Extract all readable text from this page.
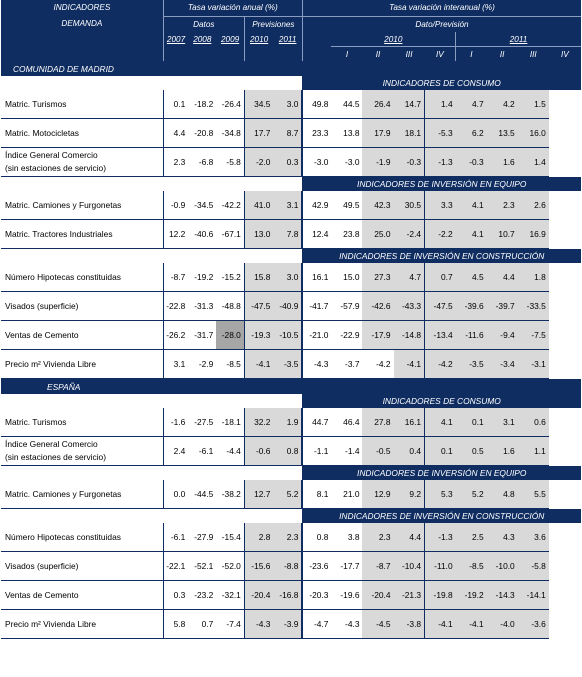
INDICADORES
DEMANDA	Tasa variación anual (%)					Tasa variación interanual (%)								
	Datos			Previsiones		Dato/Previsión								
	2007	2008	2009	2010	2011		2010				2011			
							I	II	III	IV	I	II	III	IV
COMUNIDAD DE MADRID														
						INDICADORES DE CONSUMO								

Matric. Turismos	0.1	-18.2	-26.4	34.5	3.0	49.8	44.5	26.4	14.7	1.4	4.7	4.2	1.5	

Matric. Motocicletas	4.4	-20.8	-34.8	17.7	8.7	23.3	13.8	17.9	18.1	-5.3	6.2	13.5	16.0	

Índice General Comercio
(sin estaciones de servicio)	2.3	-6.8	-5.8	-2.0	0.3	-3.0	-3.0	-1.9	-0.3	-1.3	-0.3	1.6	1.4	
						INDICADORES DE INVERSIÓN EN EQUIPO								

Matric. Camiones y Furgonetas	-0.9	-34.5	-42.2	41.0	3.1	42.9	49.5	42.3	30.5	3.3	4.1	2.3	2.6	

Matric. Tractores Industriales	12.2	-40.6	-67.1	13.0	7.8	12.4	23.8	25.0	-2.4	-2.2	4.1	10.7	16.9	
						INDICADORES DE INVERSIÓN EN CONSTRUCCIÓN								

Número Hipotecas constituidas	-8.7	-19.2	-15.2	15.8	3.0	16.1	15.0	27.3	4.7	0.7	4.5	4.4	1.8	

Visados (superficie)	-22.8	-31.3	-48.8	-47.5	-40.9	-41.7	-57.9	-42.6	-43.3	-47.5	-39.6	-39.7	-33.5	

Ventas de Cemento	-26.2	-31.7	-28.0	-19.3	-10.5	-21.0	-22.9	-17.9	-14.8	-13.4	-11.6	-9.4	-7.5	

Precio m² Vivienda Libre	3.1	-2.9	-8.5	-4.1	-3.5	-4.3	-3.7	-4.2	-4.1	-4.2	-3.5	-3.4	-3.1	
ESPAÑA														
						INDICADORES DE CONSUMO								

Matric. Turismos	-1.6	-27.5	-18.1	32.2	1.9	44.7	46.4	27.8	16.1	4.1	0.1	3.1	0.6	

Índice General Comercio
(sin estaciones de servicio)	2.4	-6.1	-4.4	-0.6	0.8	-1.1	-1.4	-0.5	0.4	0.1	0.5	1.6	1.1	
						INDICADORES DE INVERSIÓN EN EQUIPO								

Matric. Camiones y Furgonetas	0.0	-44.5	-38.2	12.7	5.2	8.1	21.0	12.9	9.2	5.3	5.2	4.8	5.5	
						INDICADORES DE INVERSIÓN EN CONSTRUCCIÓN								

Número Hipotecas constituidas	-6.1	-27.9	-15.4	2.8	2.3	0.8	3.8	2.3	4.4	-1.3	2.5	4.3	3.6	

Visados (superficie)	-22.1	-52.1	-52.0	-15.6	-8.8	-23.6	-17.7	-8.7	-10.4	-11.0	-8.5	-10.0	-5.8	

Ventas de Cemento	0.3	-23.2	-32.1	-20.4	-16.8	-20.3	-19.6	-20.4	-21.3	-19.8	-19.2	-14.3	-14.1	

Precio m² Vivienda Libre	5.8	0.7	-7.4	-4.3	-3.9	-4.7	-4.3	-4.5	-3.8	-4.1	-4.1	-4.0	-3.6	
